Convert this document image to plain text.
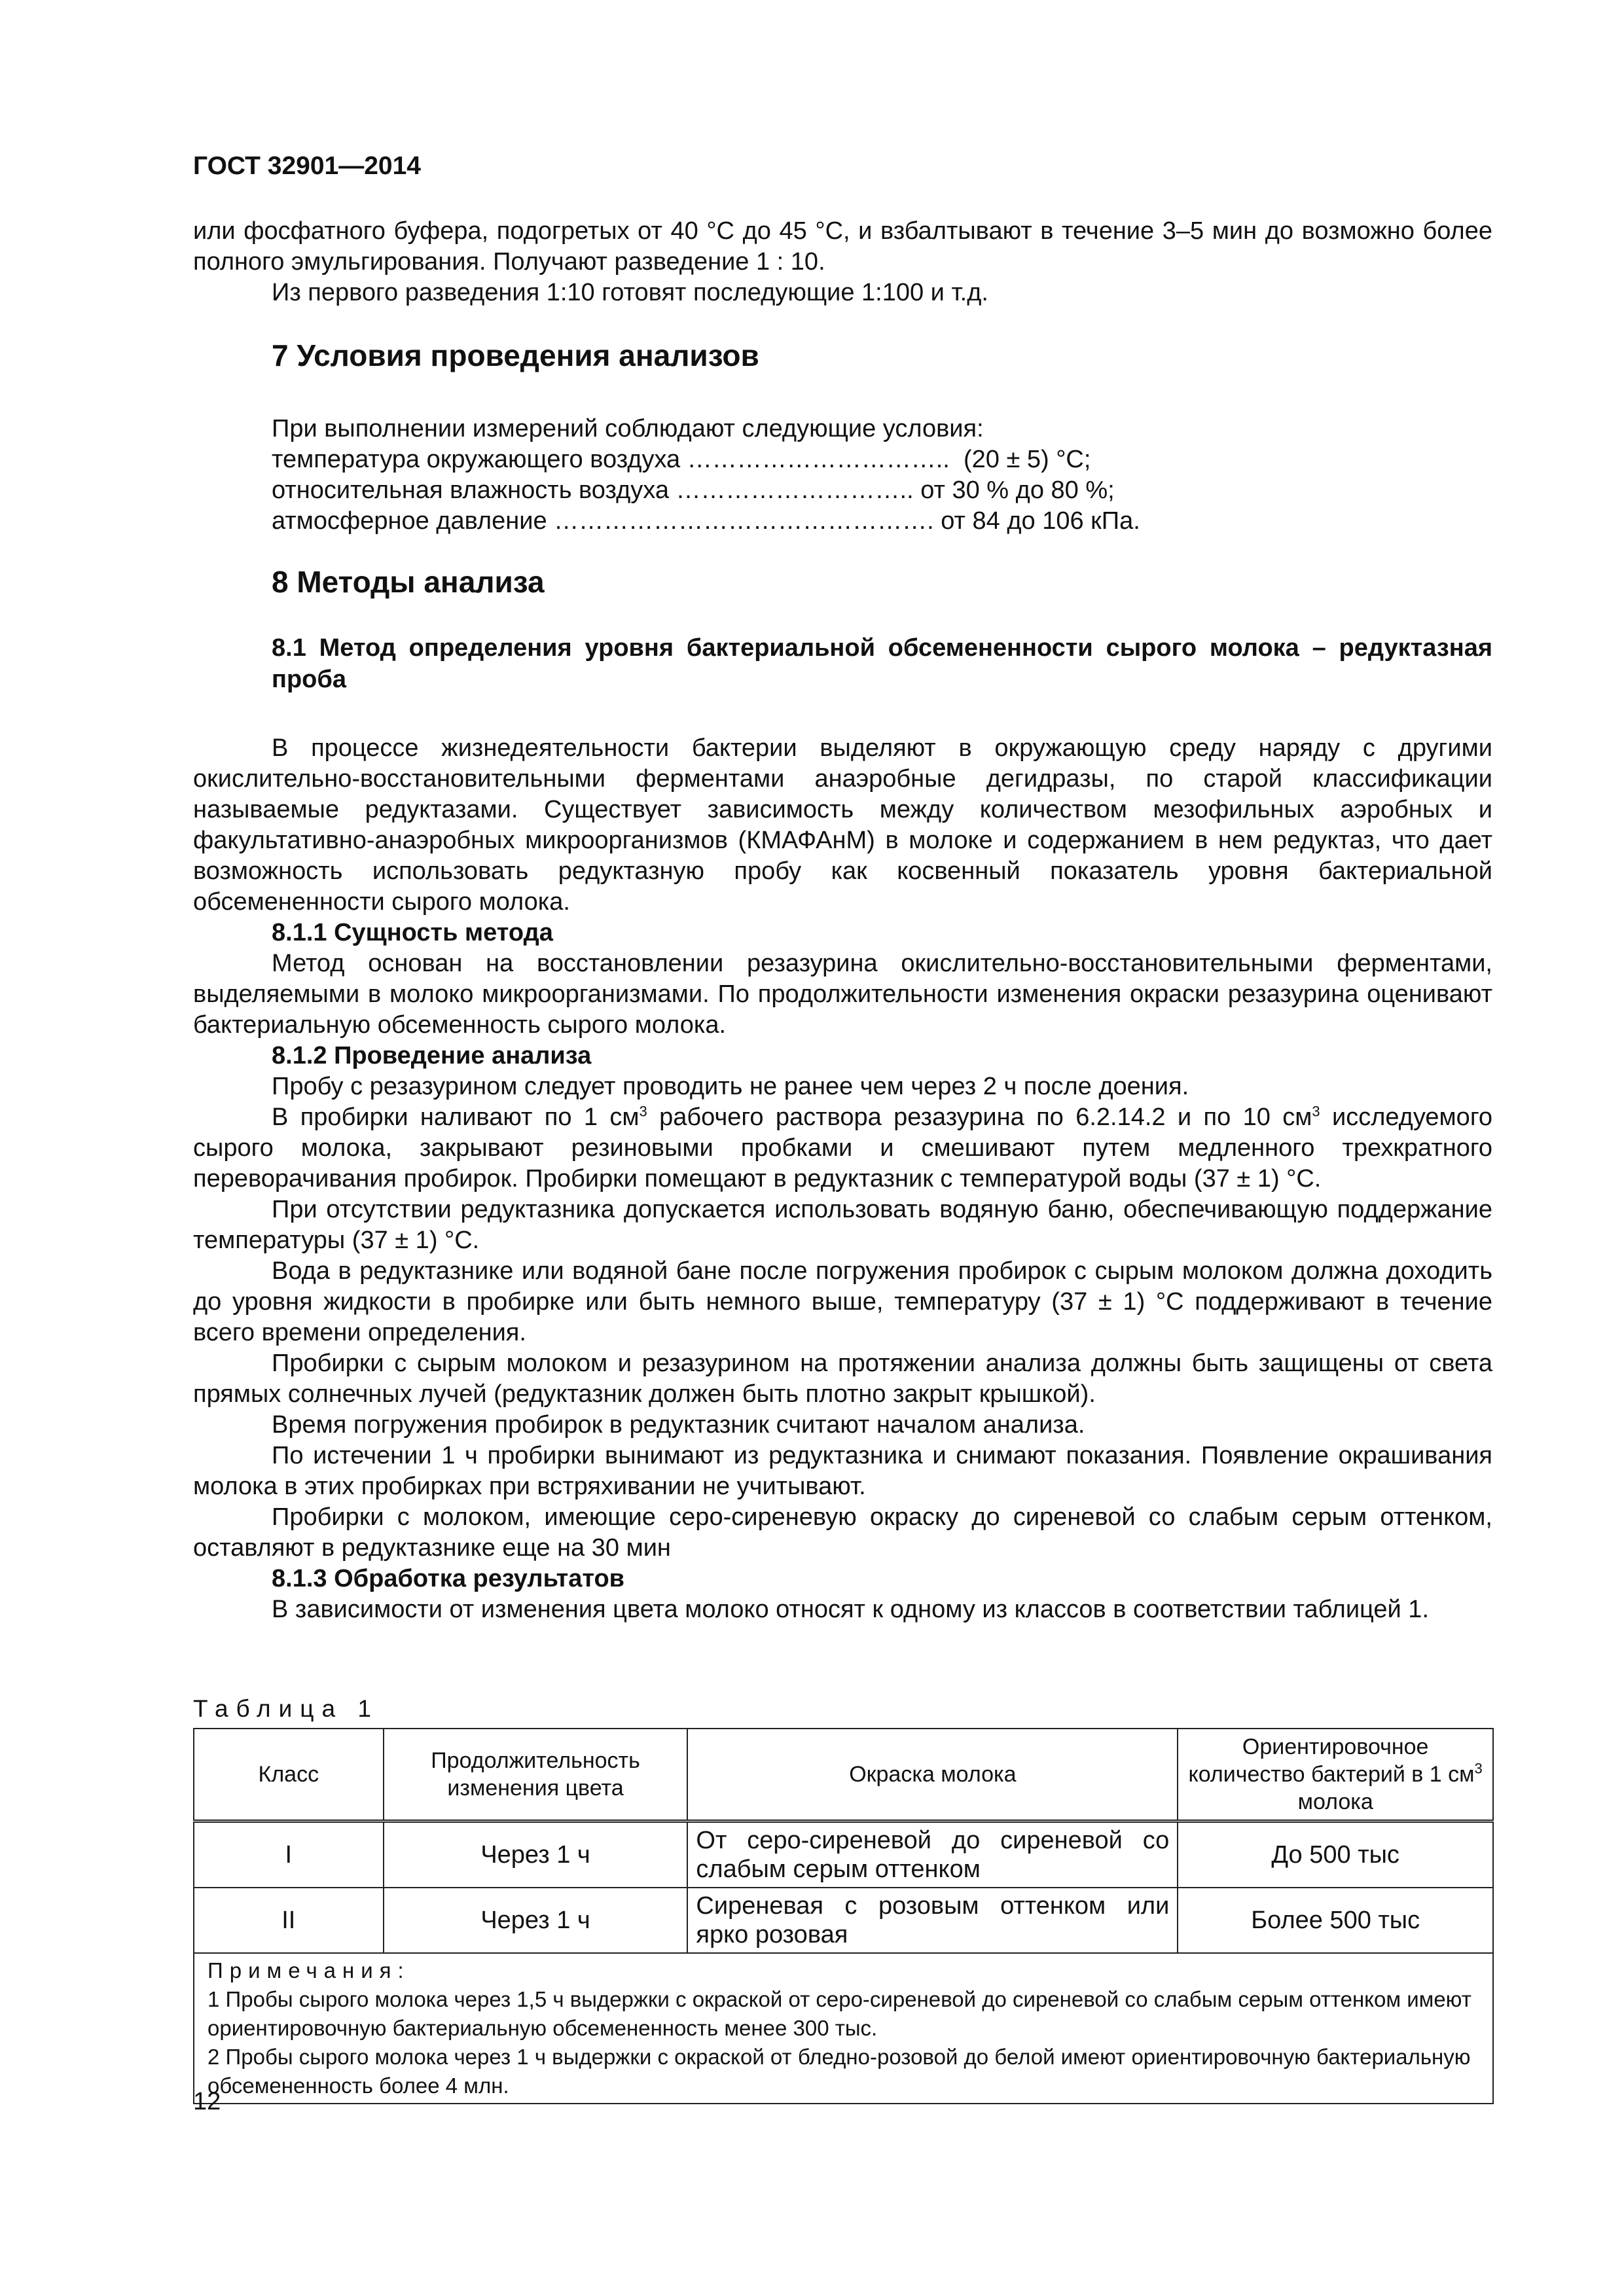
ГОСТ 32901—2014

или фосфатного буфера, подогретых от 40 °С до 45 °С, и взбалтывают в течение 3–5 мин до возможно более полного эмульгирования. Получают разведение 1 : 10.

Из первого разведения 1:10 готовят последующие 1:100 и т.д.

7 Условия проведения анализов
При выполнении измерений соблюдают следующие условия:
температура окружающего воздуха …………………………..  (20 ± 5) °С;
относительная влажность воздуха ……………………….. от 30 % до 80 %;
атмосферное давление ………………………………………. от 84 до 106 кПа.
8 Методы анализа
8.1 Метод определения уровня бактериальной обсемененности сырого молока – редуктазная проба

В процессе жизнедеятельности бактерии выделяют в окружающую среду наряду с другими окислительно-восстановительными ферментами анаэробные дегидразы, по старой классификации называемые редуктазами. Существует зависимость между количеством мезофильных аэробных и факультативно-анаэробных микроорганизмов (КМАФАнМ) в молоке и содержанием в нем редуктаз, что дает возможность использовать редуктазную пробу как косвенный показатель уровня бактериальной обсемененности сырого молока.

8.1.1 Сущность метода

Метод основан на восстановлении резазурина окислительно-восстановительными ферментами, выделяемыми в молоко микроорганизмами. По продолжительности изменения окраски резазурина оценивают бактериальную обсеменность сырого молока.

8.1.2 Проведение анализа

Пробу с резазурином следует проводить не ранее чем через 2 ч после доения.

В пробирки наливают по 1 $см^3$ рабочего раствора резазурина по 6.2.14.2 и по 10 $см^3$ исследуемого сырого молока, закрывают резиновыми пробками и смешивают путем медленного трехкратного переворачивания пробирок. Пробирки помещают в редуктазник с температурой воды (37 ± 1) °С.

При отсутствии редуктазника допускается использовать водяную баню, обеспечивающую поддержание температуры (37 ± 1) °С.

Вода в редуктазнике или водяной бане после погружения пробирок с сырым молоком должна доходить до уровня жидкости в пробирке или быть немного выше, температуру (37 ± 1) °С поддерживают в течение всего времени определения.

Пробирки с сырым молоком и резазурином на протяжении анализа должны быть защищены от света прямых солнечных лучей (редуктазник должен быть плотно закрыт крышкой).

Время погружения пробирок в редуктазник считают началом анализа.

По истечении 1 ч пробирки вынимают из редуктазника и снимают показания. Появление окрашивания молока в этих пробирках при встряхивании не учитывают.

Пробирки с молоком, имеющие серо-сиреневую окраску до сиреневой со слабым серым оттенком, оставляют в редуктазнике еще на 30 мин

8.1.3 Обработка результатов

В зависимости от изменения цвета молоко относят к одному из классов в соответствии таблицей 1.

Таблица 1
Класс	Продолжительность изменения цвета	Окраска молока	Ориентировочное количество бактерий в 1 $см^3$ молока
I	Через 1 ч	От серо-сиреневой до сиреневой со слабым серым оттенком	До 500 тыс
II	Через 1 ч	Сиреневая с розовым оттенком или ярко розовая	Более 500 тыс

Примечания:
1 Пробы сырого молока через 1,5 ч выдержки с окраской от серо-сиреневой до сиреневой со слабым серым оттенком имеют ориентировочную бактериальную обсемененность менее 300 тыс.
2 Пробы сырого молока через 1 ч выдержки с окраской от бледно-розовой до белой имеют ориентировочную бактериальную обсемененность более 4 млн.			
12
